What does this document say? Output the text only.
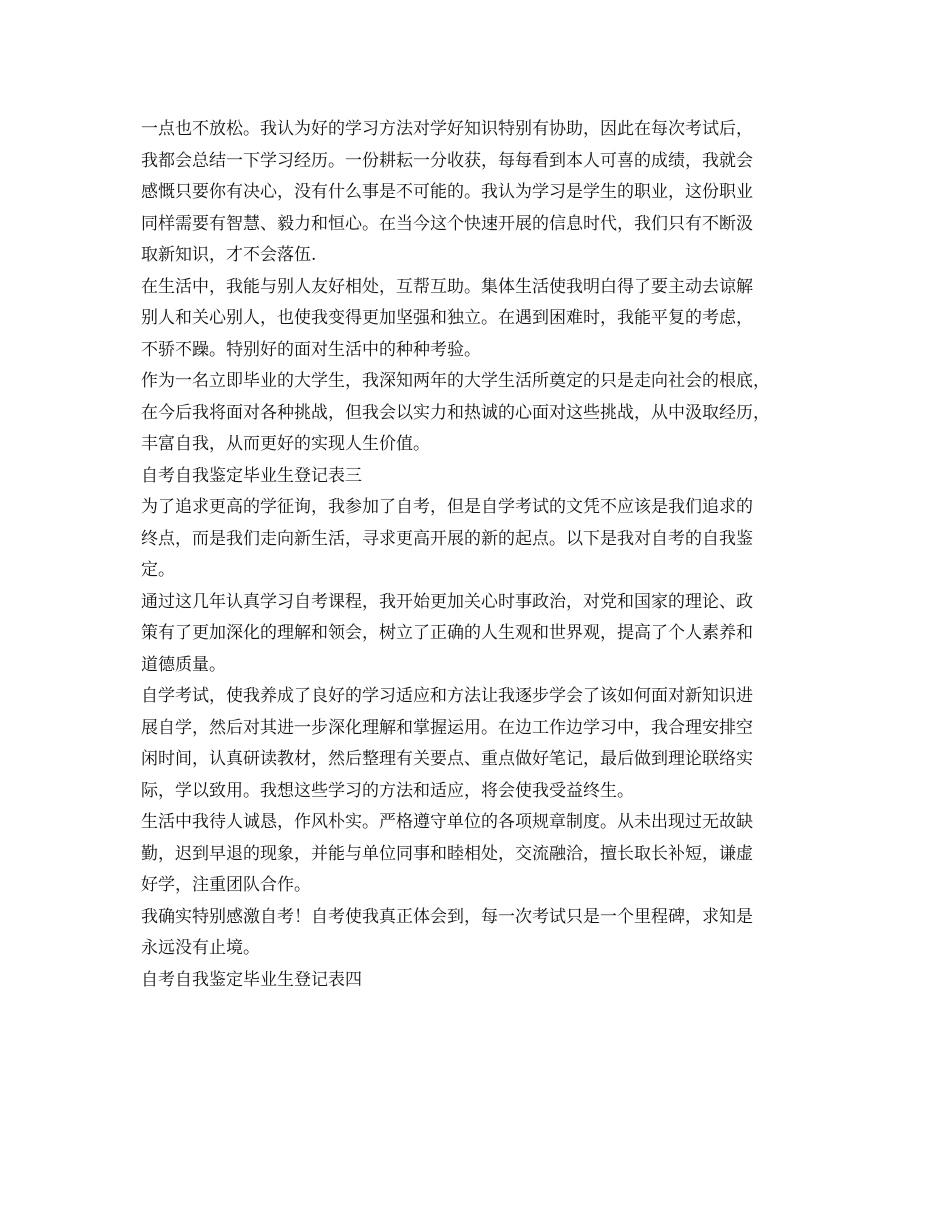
一点也不放松。我认为好的学习方法对学好知识特别有协助，因此在每次考试后，
我都会总结一下学习经历。一份耕耘一分收获，每每看到本人可喜的成绩，我就会
感慨只要你有决心，没有什么事是不可能的。我认为学习是学生的职业，这份职业
同样需要有智慧、毅力和恒心。在当今这个快速开展的信息时代，我们只有不断汲
取新知识，才不会落伍.
在生活中，我能与别人友好相处，互帮互助。集体生活使我明白得了要主动去谅解
别人和关心别人，也使我变得更加坚强和独立。在遇到困难时，我能平复的考虑，
不骄不躁。特别好的面对生活中的种种考验。
作为一名立即毕业的大学生，我深知两年的大学生活所奠定的只是走向社会的根底，
在今后我将面对各种挑战，但我会以实力和热诚的心面对这些挑战，从中汲取经历，
丰富自我，从而更好的实现人生价值。
自考自我鉴定毕业生登记表三
为了追求更高的学征询，我参加了自考，但是自学考试的文凭不应该是我们追求的
终点，而是我们走向新生活，寻求更高开展的新的起点。以下是我对自考的自我鉴
定。
通过这几年认真学习自考课程，我开始更加关心时事政治，对党和国家的理论、政
策有了更加深化的理解和领会，树立了正确的人生观和世界观，提高了个人素养和
道德质量。
自学考试，使我养成了良好的学习适应和方法让我逐步学会了该如何面对新知识进
展自学，然后对其进一步深化理解和掌握运用。在边工作边学习中，我合理安排空
闲时间，认真研读教材，然后整理有关要点、重点做好笔记，最后做到理论联络实
际，学以致用。我想这些学习的方法和适应，将会使我受益终生。
生活中我待人诚恳，作风朴实。严格遵守单位的各项规章制度。从未出现过无故缺
勤，迟到早退的现象，并能与单位同事和睦相处，交流融洽，擅长取长补短，谦虚
好学，注重团队合作。
我确实特别感激自考！自考使我真正体会到，每一次考试只是一个里程碑，求知是
永远没有止境。
自考自我鉴定毕业生登记表四
